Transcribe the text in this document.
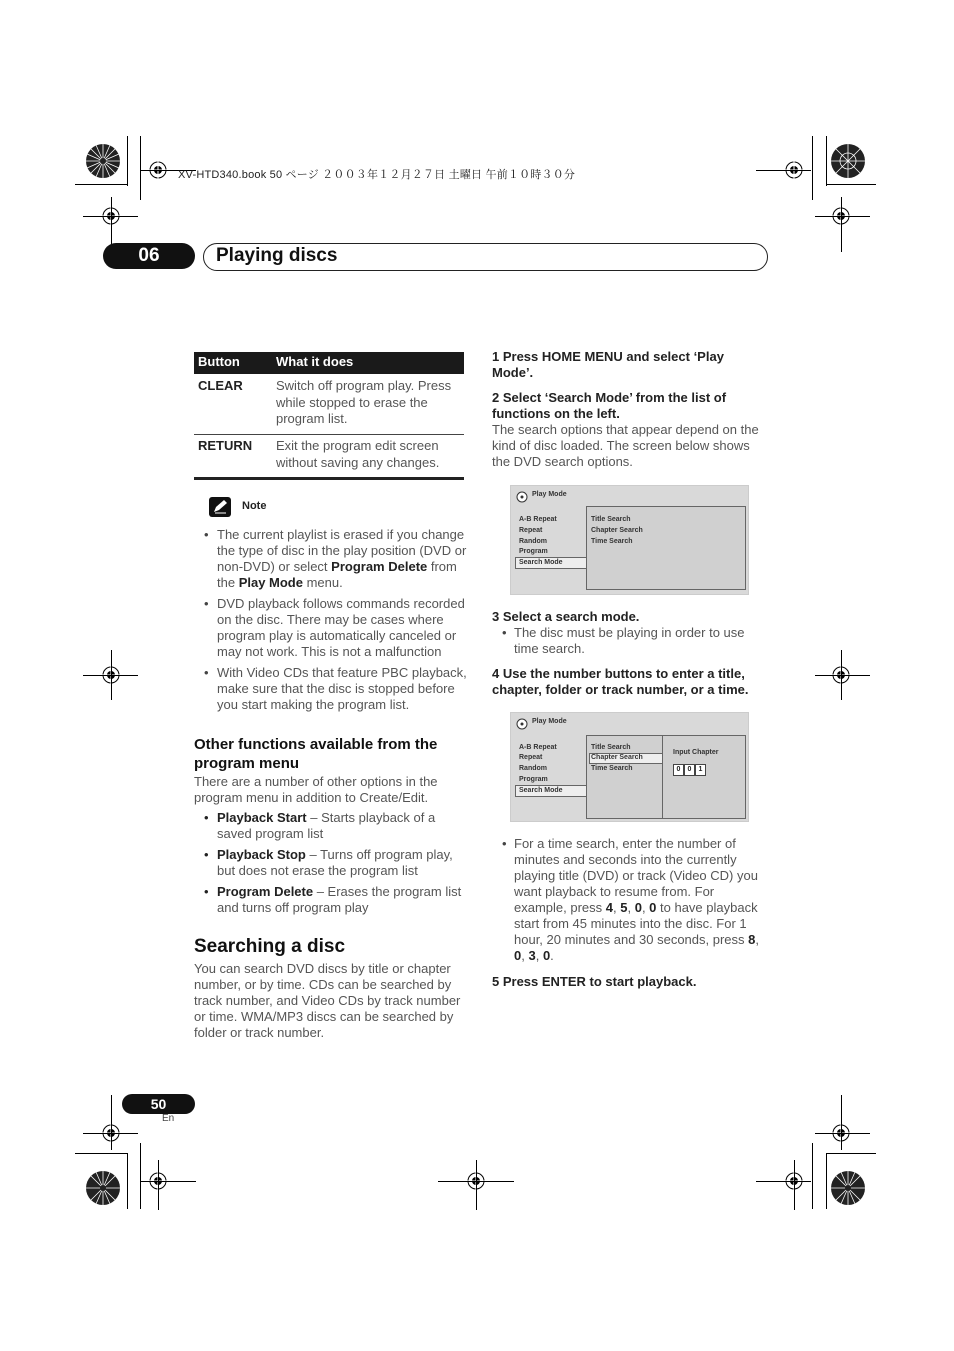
XV-HTD340.book 50 ページ ２００３年１２月２７日 土曜日 午前１０時３０分
06	Playing discs
Button	What it does
CLEAR	Switch off program play. Press while stopped to erase the program list.
RETURN Exit the program edit screen without saving any changes.
Note
• The current playlist is erased if you change the type of disc in the play position (DVD or non-DVD) or select Program Delete from the Play Mode menu.
• DVD playback follows commands recorded on the disc. There may be cases where program play is automatically canceled or may not work. This is not a malfunction
• With Video CDs that feature PBC playback, make sure that the disc is stopped before you start making the program list.
Other functions available from the program menu
There are a number of other options in the program menu in addition to Create/Edit.
• Playback Start – Starts playback of a saved program list
• Playback Stop – Turns off program play, but does not erase the program list
• Program Delete – Erases the program list and turns off program play
Searching a disc
You can search DVD discs by title or chapter number, or by time. CDs can be searched by track number, and Video CDs by track number or time. WMA/MP3 discs can be searched by folder or track number.
1 Press HOME MENU and select ‘Play Mode’.
2 Select ‘Search Mode’ from the list of functions on the left.
The search options that appear depend on the kind of disc loaded. The screen below shows the DVD search options.
Play Mode
A-B Repeat
Repeat
Random
Program
Search Mode
Title Search
Chapter Search
Time Search
3 Select a search mode.
• The disc must be playing in order to use time search.
4 Use the number buttons to enter a title, chapter, folder or track number, or a time.
Play Mode
A-B Repeat
Repeat
Random
Program
Search Mode
Title Search
Chapter Search
Time Search
Input Chapter
0	0	1
• For a time search, enter the number of minutes and seconds into the currently playing title (DVD) or track (Video CD) you want playback to resume from. For example, press 4, 5, 0, 0 to have playback start from 45 minutes into the disc. For 1 hour, 20 minutes and 30 seconds, press 8, 0, 3, 0.
5 Press ENTER to start playback.
50
En
